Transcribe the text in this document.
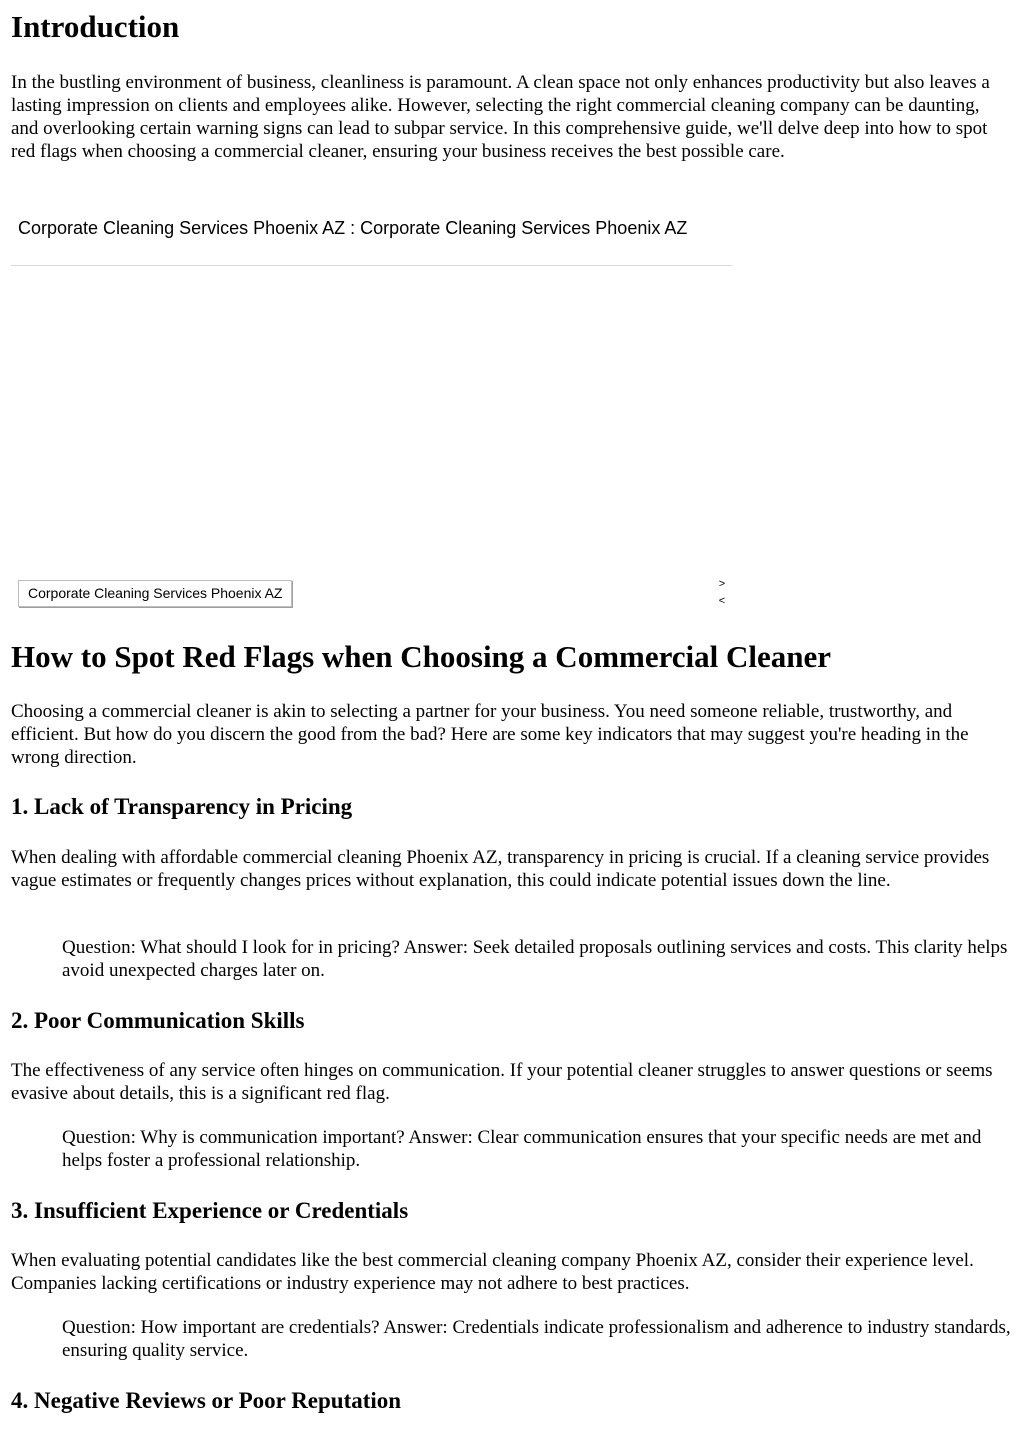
Introduction

In the bustling environment of business, cleanliness is paramount. A clean space not only enhances productivity but also leaves a lasting impression on clients and employees alike. However, selecting the right commercial cleaning company can be daunting, and overlooking certain warning signs can lead to subpar service. In this comprehensive guide, we'll delve deep into how to spot red flags when choosing a commercial cleaner, ensuring your business receives the best possible care.

How to Spot Red Flags when Choosing a Commercial Cleaner

Choosing a commercial cleaner is akin to selecting a partner for your business. You need someone reliable, trustworthy, and efficient. But how do you discern the good from the bad? Here are some key indicators that may suggest you're heading in the wrong direction.

1. Lack of Transparency in Pricing

When dealing with affordable commercial cleaning Phoenix AZ, transparency in pricing is crucial. If a cleaning service provides vague estimates or frequently changes prices without explanation, this could indicate potential issues down the line.

Question: What should I look for in pricing? Answer: Seek detailed proposals outlining services and costs. This clarity helps avoid unexpected charges later on.
2. Poor Communication Skills

The effectiveness of any service often hinges on communication. If your potential cleaner struggles to answer questions or seems evasive about details, this is a significant red flag.

Question: Why is communication important? Answer: Clear communication ensures that your specific needs are met and helps foster a professional relationship.
3. Insufficient Experience or Credentials

When evaluating potential candidates like the best commercial cleaning company Phoenix AZ, consider their experience level. Companies lacking certifications or industry experience may not adhere to best practices.

Question: How important are credentials? Answer: Credentials indicate professionalism and adherence to industry standards, ensuring quality service.
4. Negative Reviews or Poor Reputation
Corporate Cleaning Services Phoenix AZ : Corporate Cleaning Services Phoenix AZ
Corporate Cleaning Services Phoenix AZ
>
<
